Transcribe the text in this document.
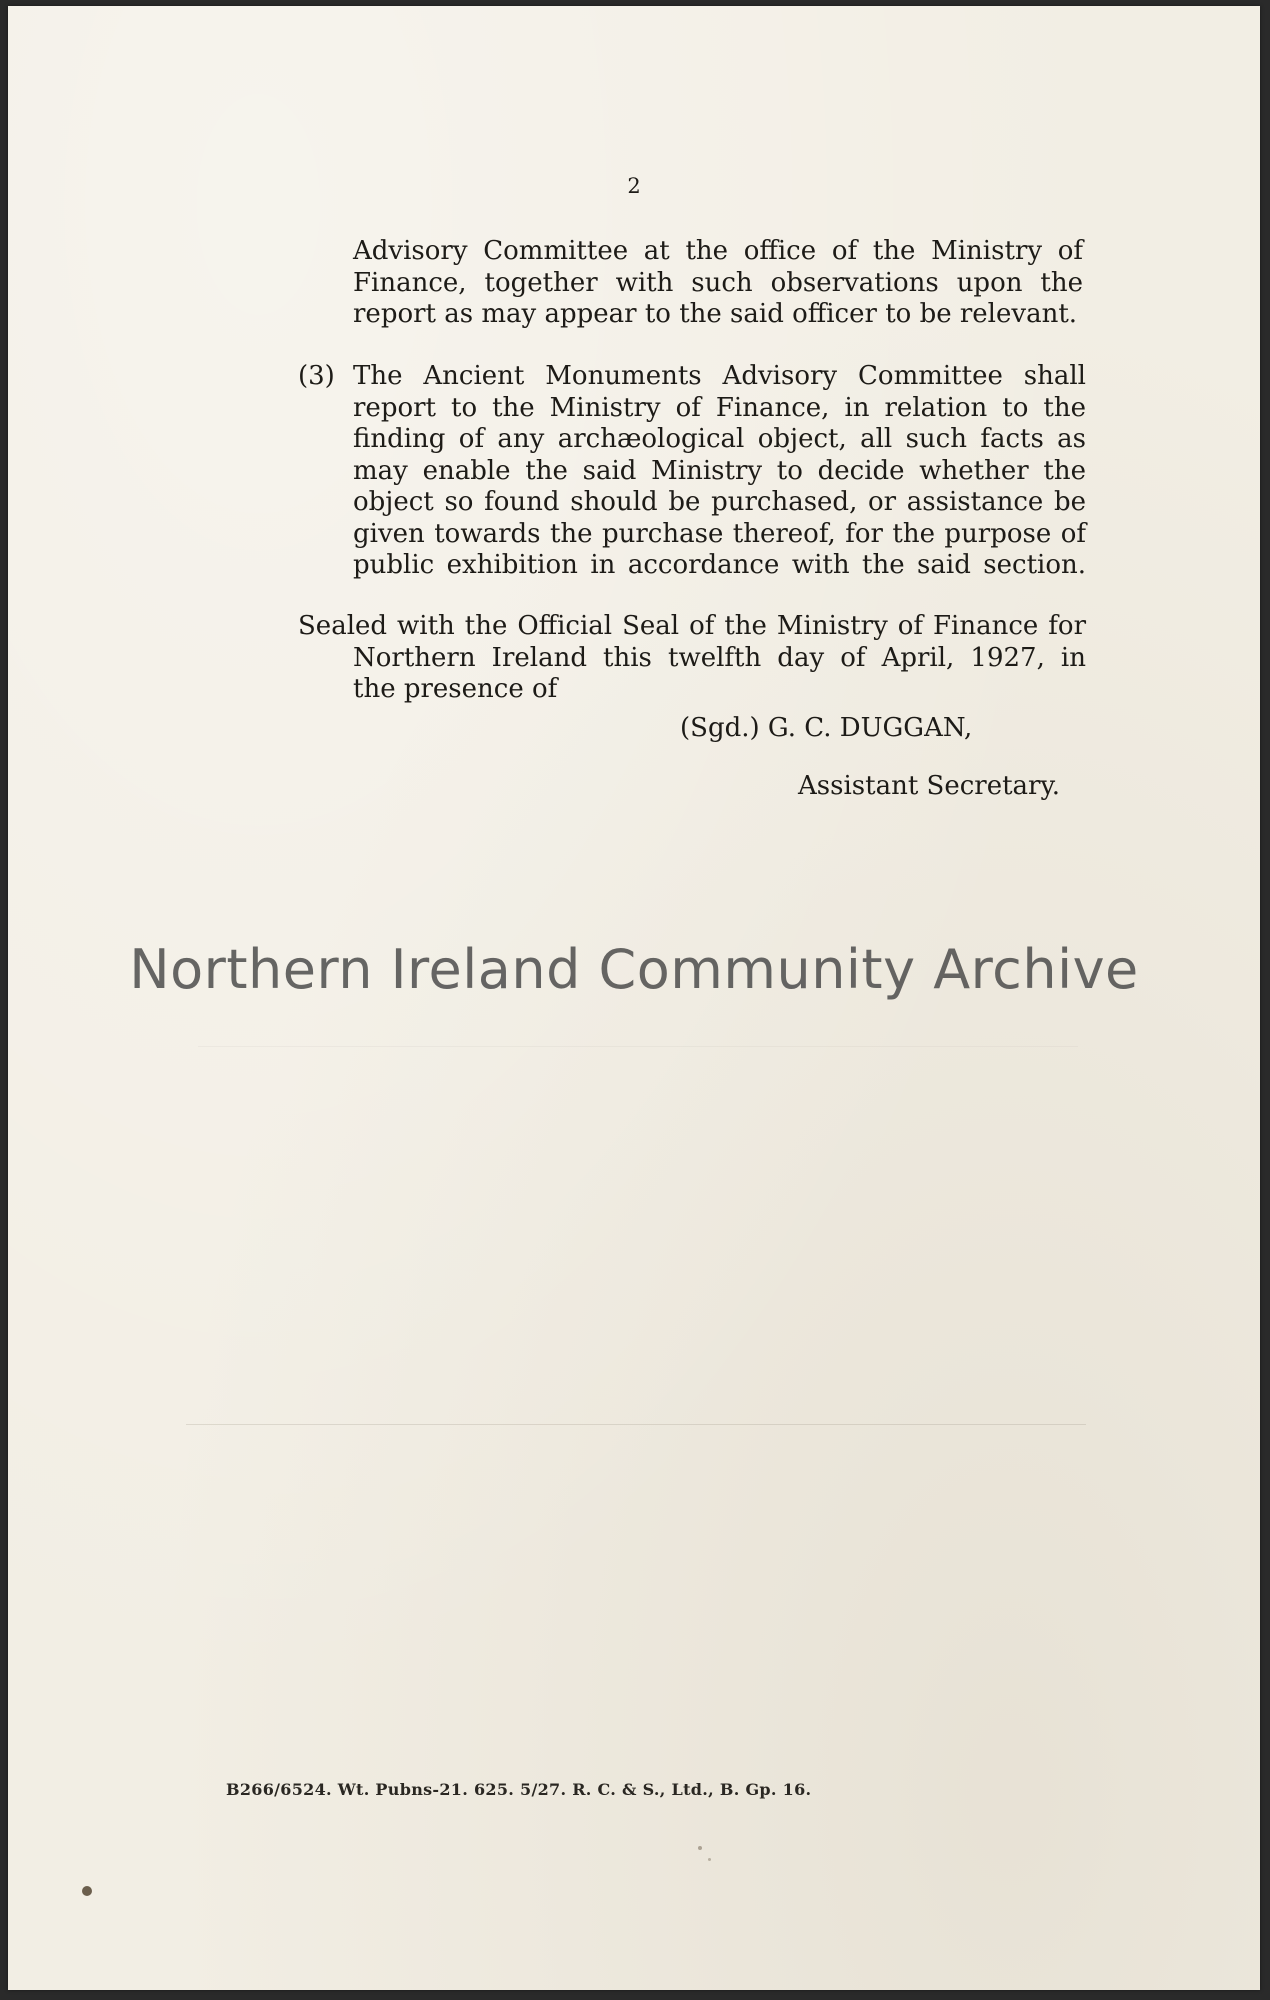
2
Advisory Committee at the office of the Ministry of
Finance, together with such observations upon the
report as may appear to the said officer to be relevant.
(3) The Ancient Monuments Advisory Committee shall
report to the Ministry of Finance, in relation to the
finding of any archæological object, all such facts as
may enable the said Ministry to decide whether the
object so found should be purchased, or assistance be
given towards the purchase thereof, for the purpose of
public exhibition in accordance with the said section.
Sealed with the Official Seal of the Ministry of Finance for
Northern Ireland this twelfth day of April, 1927, in
the presence of
(Sgd.) G. C. DUGGAN,
Assistant Secretary.
Northern Ireland Community Archive
B266/6524. Wt. Pubns-21. 625. 5/27. R. C. & S., Ltd., B. Gp. 16.
